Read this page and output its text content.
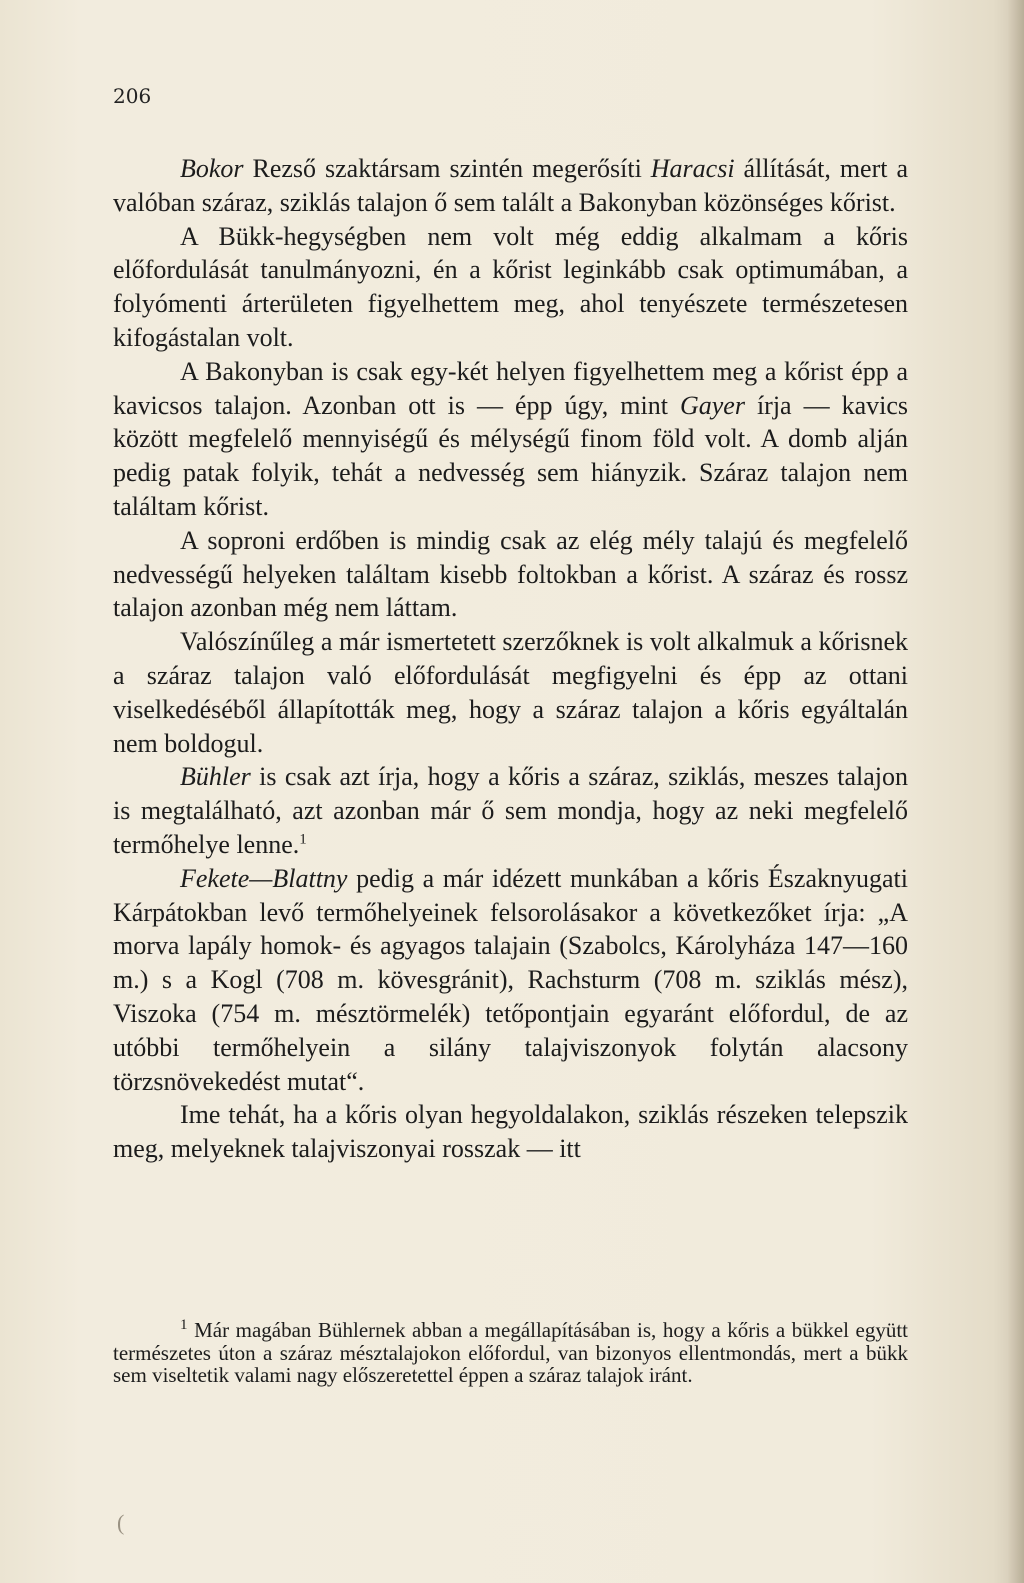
206

Bokor Rezső szaktársam szintén megerősíti Haracsi állítását, mert a valóban száraz, sziklás talajon ő sem talált a Bakonyban közönséges kőrist.

A Bükk-hegységben nem volt még eddig alkalmam a kőris előfordulását tanulmányozni, én a kőrist leginkább csak optimumában, a folyómenti árterületen figyelhettem meg, ahol tenyészete természetesen kifogástalan volt.

A Bakonyban is csak egy-két helyen figyelhettem meg a kőrist épp a kavicsos talajon. Azonban ott is — épp úgy, mint Gayer írja — kavics között megfelelő mennyiségű és mélységű finom föld volt. A domb alján pedig patak folyik, tehát a nedvesség sem hiányzik. Száraz talajon nem találtam kőrist.

A soproni erdőben is mindig csak az elég mély talajú és megfelelő nedvességű helyeken találtam kisebb foltokban a kőrist. A száraz és rossz talajon azonban még nem láttam.

Valószínűleg a már ismertetett szerzőknek is volt alkalmuk a kőrisnek a száraz talajon való előfordulását megfigyelni és épp az ottani viselkedéséből állapították meg, hogy a száraz talajon a kőris egyáltalán nem boldogul.

Bühler is csak azt írja, hogy a kőris a száraz, sziklás, meszes talajon is megtalálható, azt azonban már ő sem mondja, hogy az neki megfelelő termőhelye lenne.$^1$

Fekete—Blattny pedig a már idézett munkában a kőris Északnyugati Kárpátokban levő termőhelyeinek felsorolásakor a következőket írja: „A morva lapály homok- és agyagos talajain (Szabolcs, Károlyháza 147—160 m.) s a Kogl (708 m. kövesgránit), Rachsturm (708 m. sziklás mész), Viszoka (754 m. mésztörmelék) tetőpontjain egyaránt előfordul, de az utóbbi termőhelyein a silány talajviszonyok folytán alacsony törzsnövekedést mutat“.

Ime tehát, ha a kőris olyan hegyoldalakon, sziklás részeken telepszik meg, melyeknek talajviszonyai rosszak — itt

$^1$ Már magában Bühlernek abban a megállapításában is, hogy a kőris a bükkel együtt természetes úton a száraz mésztalajokon előfordul, van bizonyos ellentmondás, mert a bükk sem viseltetik valami nagy előszeretettel éppen a száraz talajok iránt.

(
